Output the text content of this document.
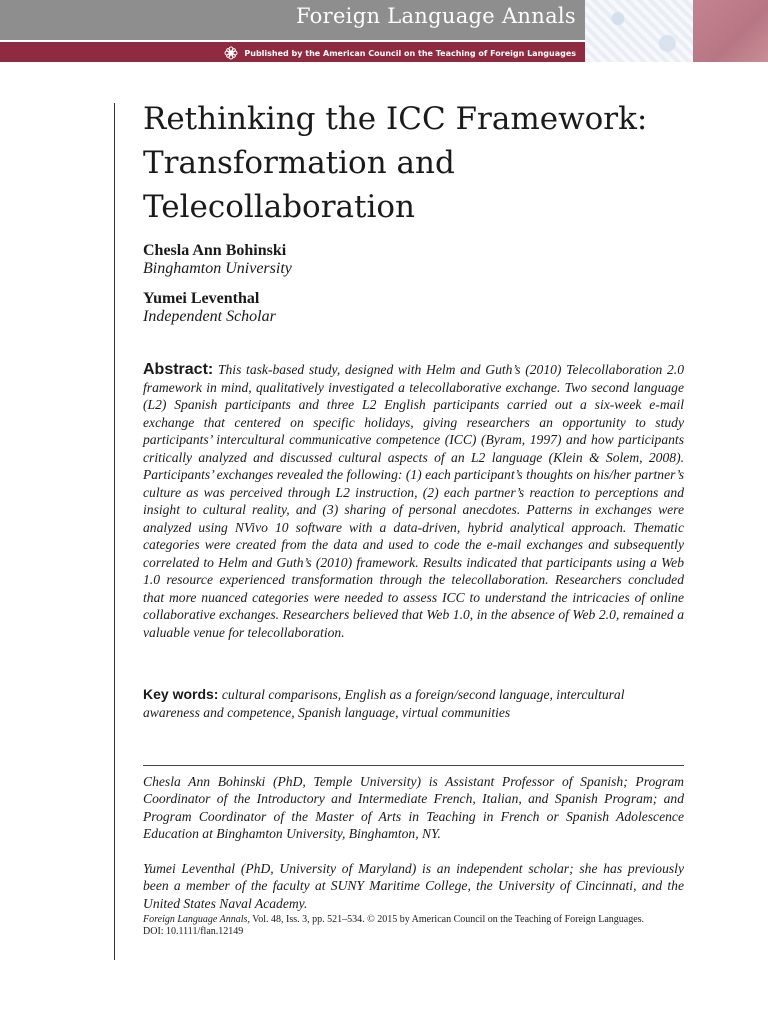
Foreign Language Annals
Published by the American Council on the Teaching of Foreign Languages
Rethinking the ICC Framework: Transformation and Telecollaboration
Chesla Ann Bohinski
Binghamton University
Yumei Leventhal
Independent Scholar
Abstract: This task-based study, designed with Helm and Guth’s (2010) Telecollaboration 2.0 framework in mind, qualitatively investigated a telecollaborative exchange. Two second language (L2) Spanish participants and three L2 English participants carried out a six-week e-mail exchange that centered on specific holidays, giving researchers an opportunity to study participants’ intercultural communicative competence (ICC) (Byram, 1997) and how participants critically analyzed and discussed cultural aspects of an L2 language (Klein & Solem, 2008). Participants’ exchanges revealed the following: (1) each participant’s thoughts on his/her partner’s culture as was perceived through L2 instruction, (2) each partner’s reaction to perceptions and insight to cultural reality, and (3) sharing of personal anecdotes. Patterns in exchanges were analyzed using NVivo 10 software with a data-driven, hybrid analytical approach. Thematic categories were created from the data and used to code the e-mail exchanges and subsequently correlated to Helm and Guth’s (2010) framework. Results indicated that participants using a Web 1.0 resource experienced transformation through the telecollaboration. Researchers concluded that more nuanced categories were needed to assess ICC to understand the intricacies of online collaborative exchanges. Researchers believed that Web 1.0, in the absence of Web 2.0, remained a valuable venue for telecollaboration.
Key words: cultural comparisons, English as a foreign/second language, intercultural awareness and competence, Spanish language, virtual communities

Chesla Ann Bohinski (PhD, Temple University) is Assistant Professor of Spanish; Program Coordinator of the Introductory and Intermediate French, Italian, and Spanish Program; and Program Coordinator of the Master of Arts in Teaching in French or Spanish Adolescence Education at Binghamton University, Binghamton, NY.

Yumei Leventhal (PhD, University of Maryland) is an independent scholar; she has previously been a member of the faculty at SUNY Maritime College, the University of Cincinnati, and the United States Naval Academy.

Foreign Language Annals, Vol. 48, Iss. 3, pp. 521–534. © 2015 by American Council on the Teaching of Foreign Languages.
DOI: 10.1111/flan.12149
